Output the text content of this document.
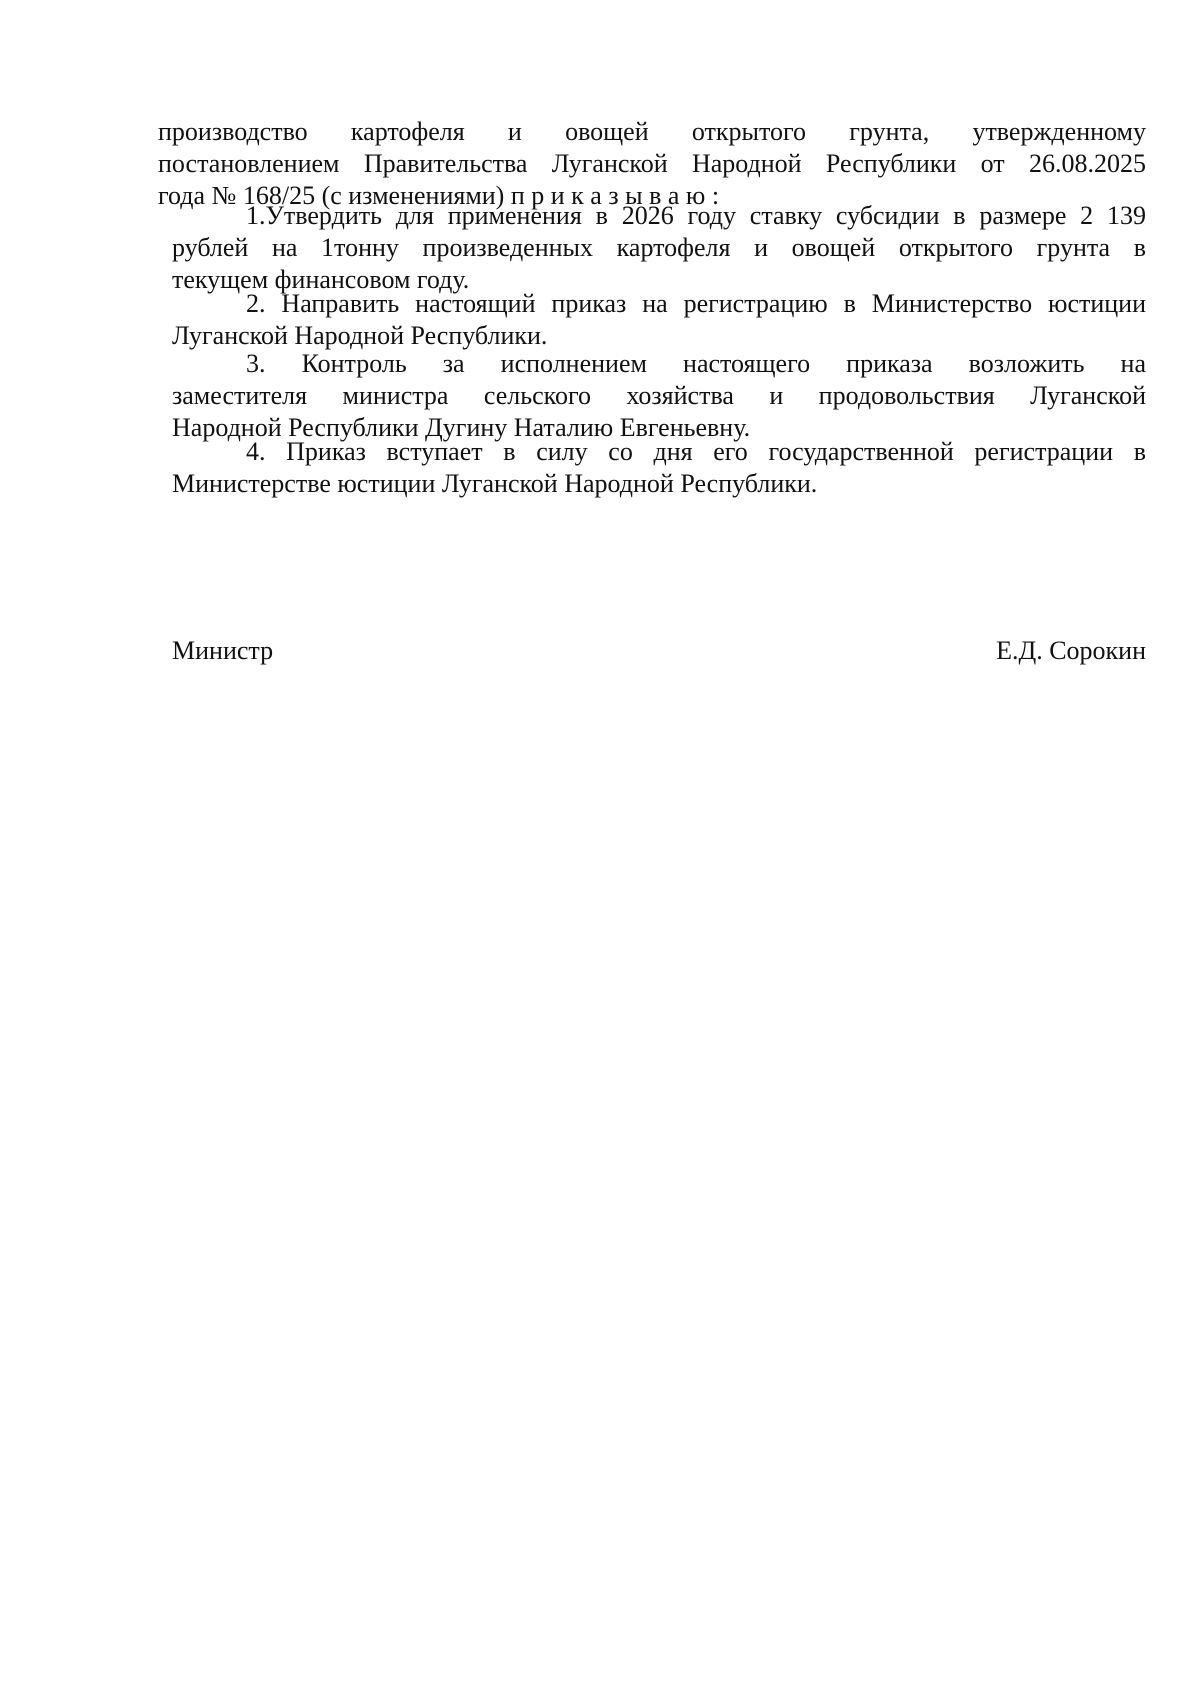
производство картофеля и овощей открытого грунта, утвержденному
постановлением Правительства Луганской Народной Республики от 26.08.2025
года № 168/25 (с изменениями) п р и к а з ы в а ю :
1.Утвердить для применения в 2026 году ставку субсидии в размере 2 139
рублей на 1тонну произведенных картофеля и овощей открытого грунта в
текущем финансовом году.
2. Направить настоящий приказ на регистрацию в Министерство юстиции
Луганской Народной Республики.
3. Контроль за исполнением настоящего приказа возложить на
заместителя министра сельского хозяйства и продовольствия Луганской
Народной Республики Дугину Наталию Евгеньевну.
4. Приказ вступает в силу со дня его государственной регистрации в
Министерстве юстиции Луганской Народной Республики.
Министр	Е.Д. Сорокин
